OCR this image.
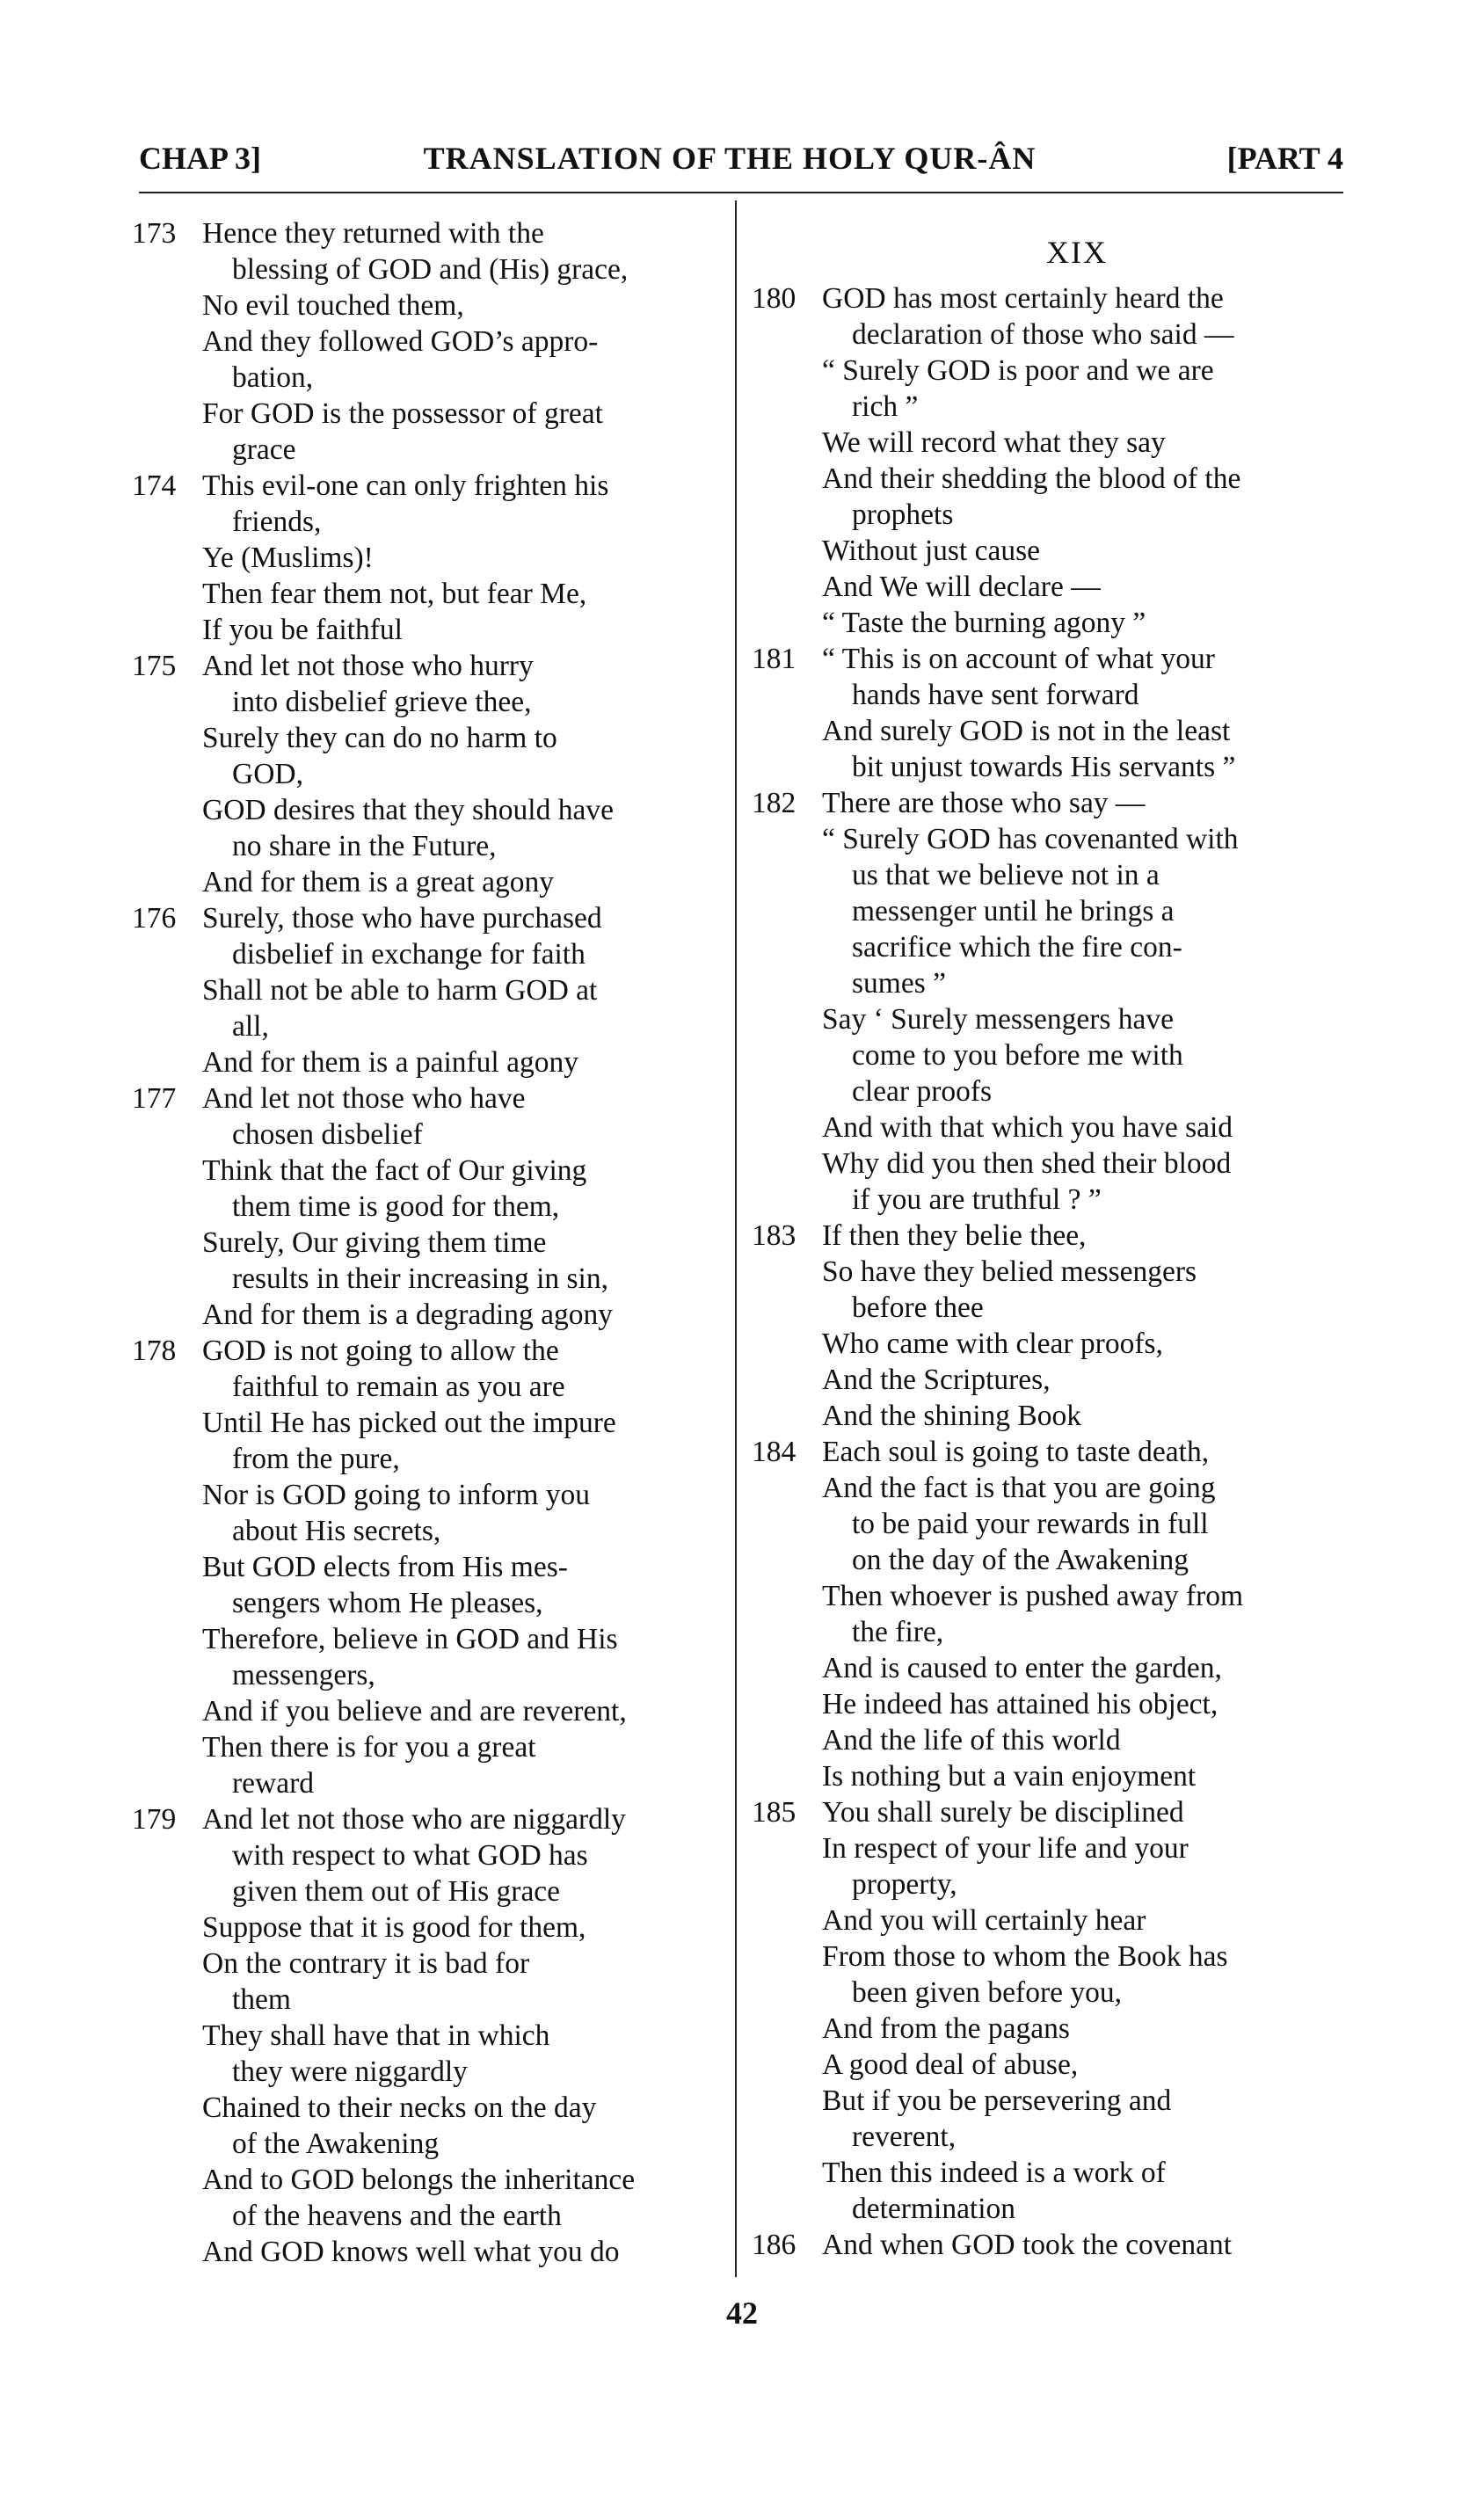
CHAP 3]	TRANSLATION OF THE HOLY QUR-ÂN	[PART 4
173 Hence they returned with the
blessing of GOD and (His) grace,
No evil touched them,
And they followed GOD’s appro-
bation,
For GOD is the possessor of great
grace
174 This evil-one can only frighten his
friends,
Ye (Muslims)!
Then fear them not, but fear Me,
If you be faithful
175 And let not those who hurry
into disbelief grieve thee,
Surely they can do no harm to
GOD,
GOD desires that they should have
no share in the Future,
And for them is a great agony
176 Surely, those who have purchased
disbelief in exchange for faith
Shall not be able to harm GOD at
all,
And for them is a painful agony
177 And let not those who have
chosen disbelief
Think that the fact of Our giving
them time is good for them,
Surely, Our giving them time
results in their increasing in sin,
And for them is a degrading agony
178 GOD is not going to allow the
faithful to remain as you are
Until He has picked out the impure
from the pure,
Nor is GOD going to inform you
about His secrets,
But GOD elects from His mes-
sengers whom He pleases,
Therefore, believe in GOD and His
messengers,
And if you believe and are reverent,
Then there is for you a great
reward
179 And let not those who are niggardly
with respect to what GOD has
given them out of His grace
Suppose that it is good for them,
On the contrary it is bad for
them
They shall have that in which
they were niggardly
Chained to their necks on the day
of the Awakening
And to GOD belongs the inheritance
of the heavens and the earth
And GOD knows well what you do
XIX
180 GOD has most certainly heard the
declaration of those who said —
“ Surely GOD is poor and we are
rich ”
We will record what they say
And their shedding the blood of the
prophets
Without just cause
And We will declare —
“ Taste the burning agony ”
181 “ This is on account of what your
hands have sent forward
And surely GOD is not in the least
bit unjust towards His servants ”
182 There are those who say —
“ Surely GOD has covenanted with
us that we believe not in a
messenger until he brings a
sacrifice which the fire con-
sumes ”
Say ‘ Surely messengers have
come to you before me with
clear proofs
And with that which you have said
Why did you then shed their blood
if you are truthful ? ”
183 If then they belie thee,
So have they belied messengers
before thee
Who came with clear proofs,
And the Scriptures,
And the shining Book
184 Each soul is going to taste death,
And the fact is that you are going
to be paid your rewards in full
on the day of the Awakening
Then whoever is pushed away from
the fire,
And is caused to enter the garden,
He indeed has attained his object,
And the life of this world
Is nothing but a vain enjoyment
185 You shall surely be disciplined
In respect of your life and your
property,
And you will certainly hear
From those to whom the Book has
been given before you,
And from the pagans
A good deal of abuse,
But if you be persevering and
reverent,
Then this indeed is a work of
determination
186 And when GOD took the covenant
42
